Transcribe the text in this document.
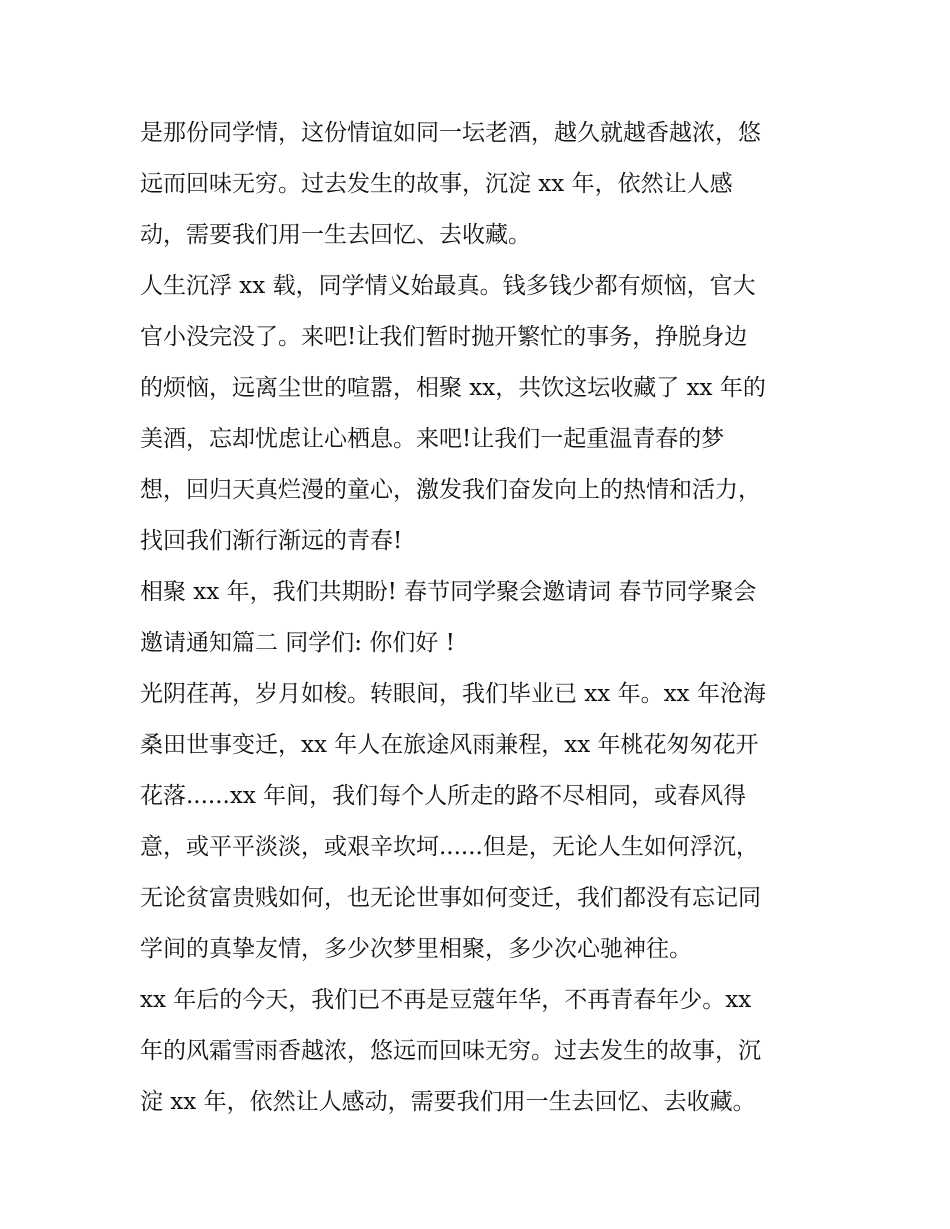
是那份同学情，这份情谊如同一坛老酒，越久就越香越浓，悠
远而回味无穷。过去发生的故事，沉淀 xx 年，依然让人感
动，需要我们用一生去回忆、去收藏。
人生沉浮 xx 载，同学情义始最真。钱多钱少都有烦恼，官大
官小没完没了。来吧!让我们暂时抛开繁忙的事务，挣脱身边
的烦恼，远离尘世的喧嚣，相聚 xx，共饮这坛收藏了 xx 年的
美酒，忘却忧虑让心栖息。来吧!让我们一起重温青春的梦
想，回归天真烂漫的童心，激发我们奋发向上的热情和活力，
找回我们渐行渐远的青春!
相聚 xx 年，我们共期盼! 春节同学聚会邀请词 春节同学聚会
邀请通知篇二 同学们: 你们好 !
光阴荏苒，岁月如梭。转眼间，我们毕业已 xx 年。xx 年沧海
桑田世事变迁，xx 年人在旅途风雨兼程，xx 年桃花匆匆花开
花落......xx 年间，我们每个人所走的路不尽相同，或春风得
意，或平平淡淡，或艰辛坎坷......但是，无论人生如何浮沉，
无论贫富贵贱如何，也无论世事如何变迁，我们都没有忘记同
学间的真挚友情，多少次梦里相聚，多少次心驰神往。
xx 年后的今天，我们已不再是豆蔻年华，不再青春年少。xx
年的风霜雪雨香越浓，悠远而回味无穷。过去发生的故事，沉
淀 xx 年，依然让人感动，需要我们用一生去回忆、去收藏。
